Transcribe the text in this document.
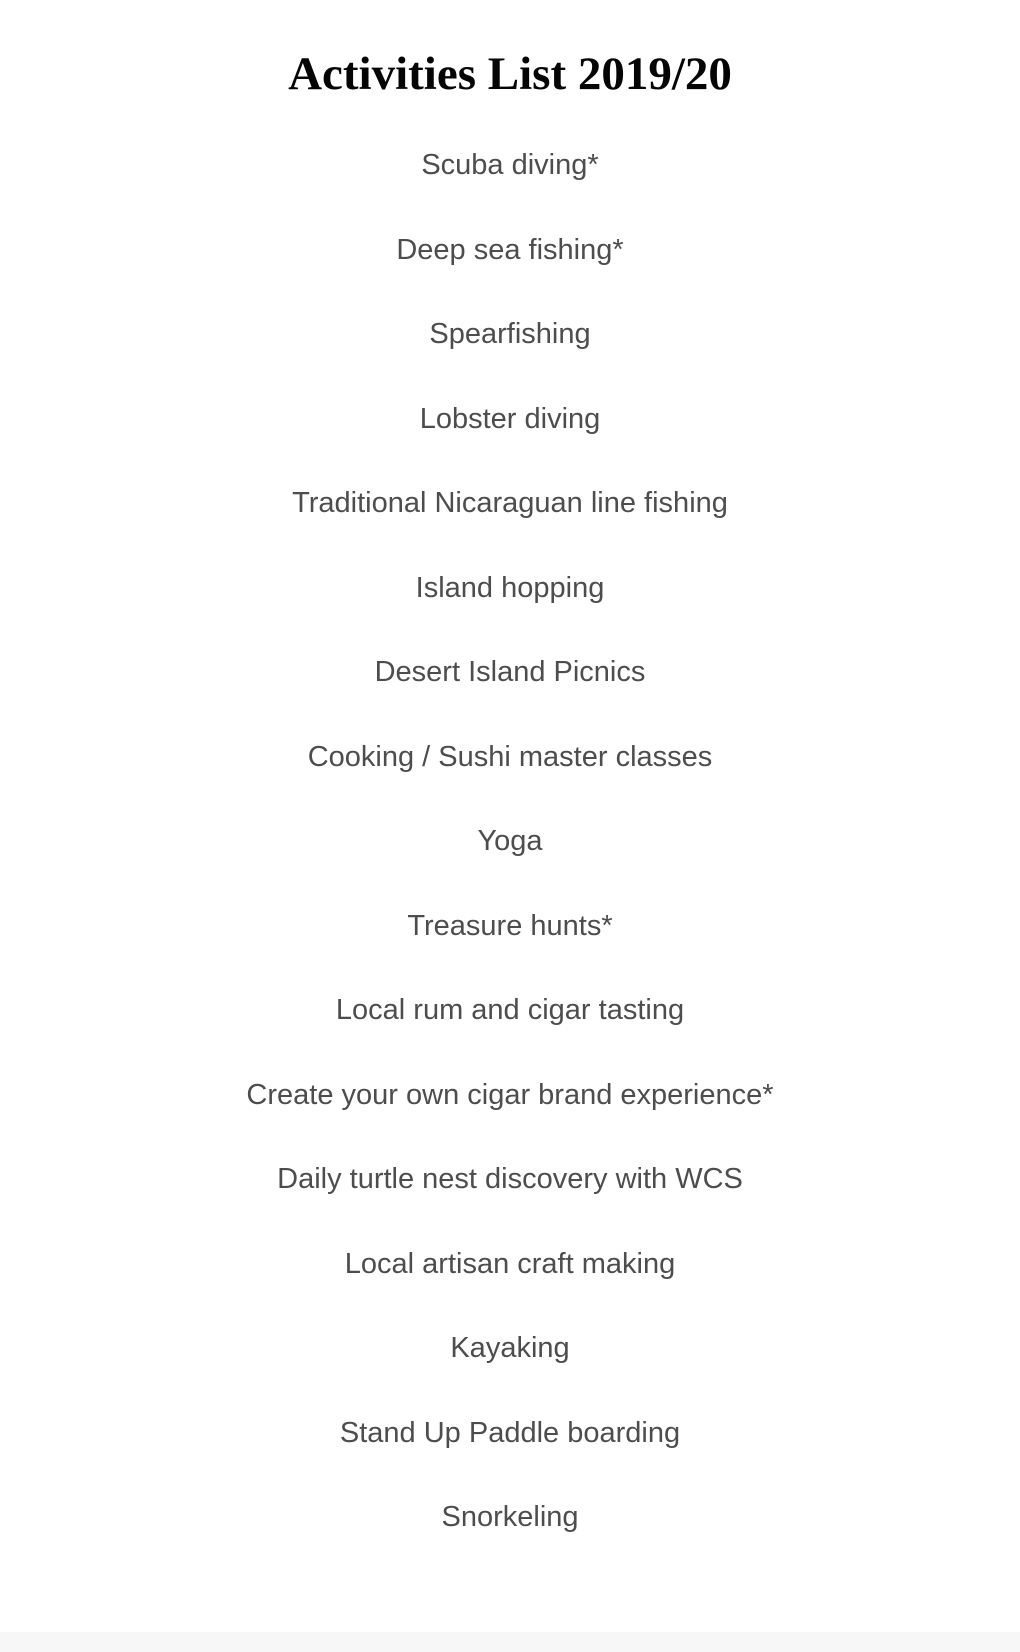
Activities List 2019/20
Scuba diving*
Deep sea fishing*
Spearfishing
Lobster diving
Traditional Nicaraguan line fishing
Island hopping
Desert Island Picnics
Cooking / Sushi master classes
Yoga
Treasure hunts*
Local rum and cigar tasting
Create your own cigar brand experience*
Daily turtle nest discovery with WCS
Local artisan craft making
Kayaking
Stand Up Paddle boarding
Snorkeling
